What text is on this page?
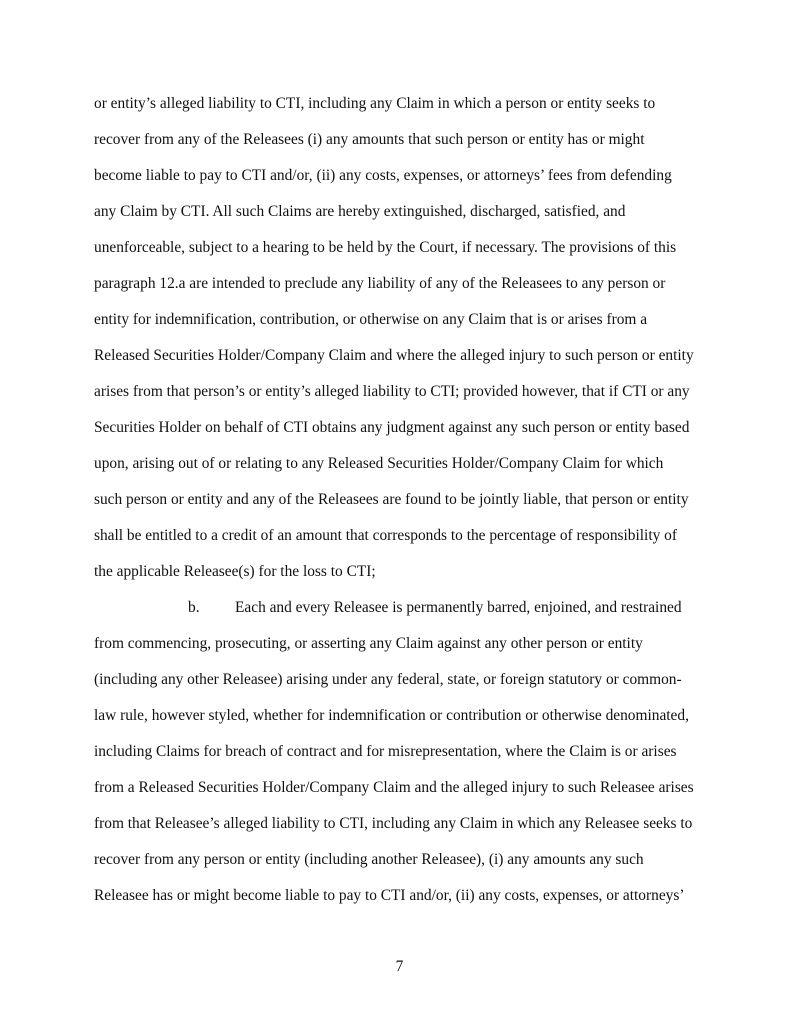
or entity’s alleged liability to CTI, including any Claim in which a person or entity seeks to

recover from any of the Releasees (i) any amounts that such person or entity has or might

become liable to pay to CTI and/or, (ii) any costs, expenses, or attorneys’ fees from defending

any Claim by CTI. All such Claims are hereby extinguished, discharged, satisfied, and

unenforceable, subject to a hearing to be held by the Court, if necessary. The provisions of this

paragraph 12.a are intended to preclude any liability of any of the Releasees to any person or

entity for indemnification, contribution, or otherwise on any Claim that is or arises from a

Released Securities Holder/Company Claim and where the alleged injury to such person or entity

arises from that person’s or entity’s alleged liability to CTI; provided however, that if CTI or any

Securities Holder on behalf of CTI obtains any judgment against any such person or entity based

upon, arising out of or relating to any Released Securities Holder/Company Claim for which

such person or entity and any of the Releasees are found to be jointly liable, that person or entity

shall be entitled to a credit of an amount that corresponds to the percentage of responsibility of

the applicable Releasee(s) for the loss to CTI;

b. Each and every Releasee is permanently barred, enjoined, and restrained

from commencing, prosecuting, or asserting any Claim against any other person or entity

(including any other Releasee) arising under any federal, state, or foreign statutory or common-

law rule, however styled, whether for indemnification or contribution or otherwise denominated,

including Claims for breach of contract and for misrepresentation, where the Claim is or arises

from a Released Securities Holder/Company Claim and the alleged injury to such Releasee arises

from that Releasee’s alleged liability to CTI, including any Claim in which any Releasee seeks to

recover from any person or entity (including another Releasee), (i) any amounts any such

Releasee has or might become liable to pay to CTI and/or, (ii) any costs, expenses, or attorneys’

7
